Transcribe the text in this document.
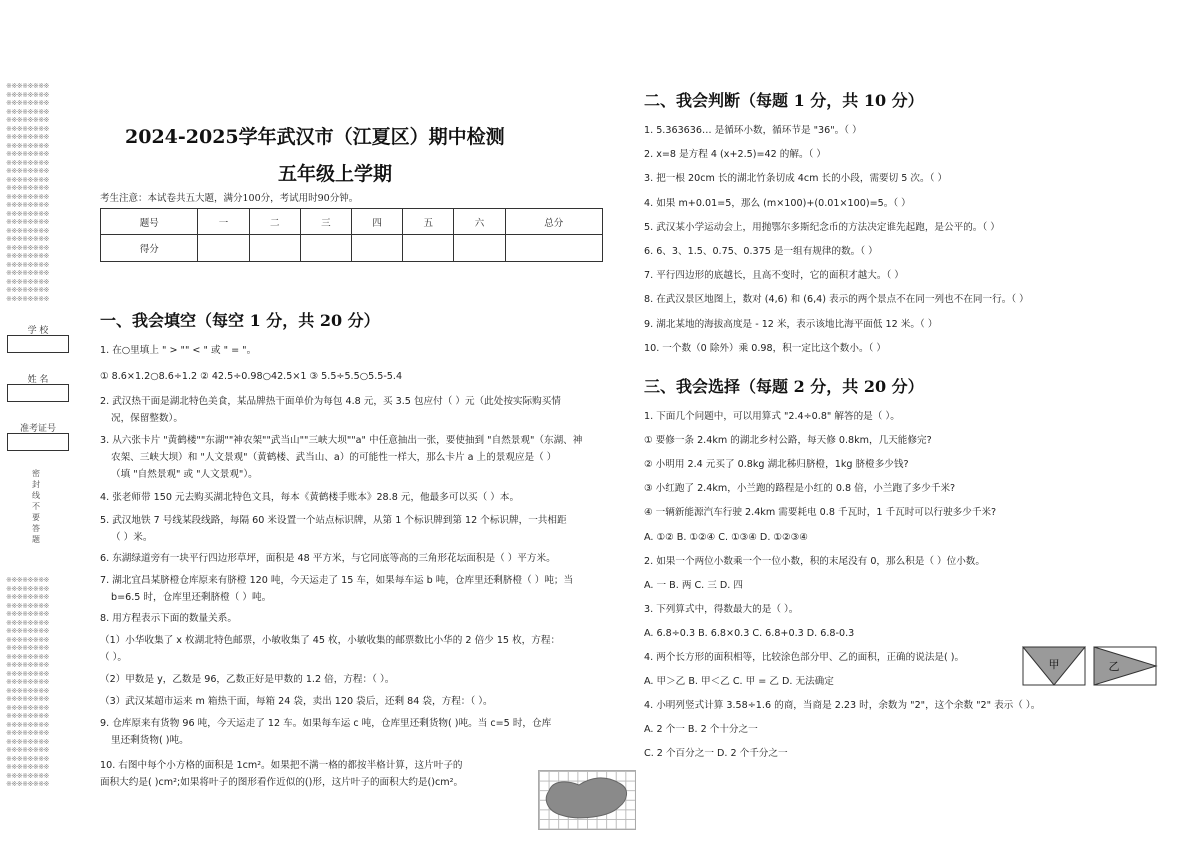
※※※※※※※※
※※※※※※※※
※※※※※※※※
※※※※※※※※
※※※※※※※※
※※※※※※※※
※※※※※※※※
※※※※※※※※
※※※※※※※※
※※※※※※※※
※※※※※※※※
※※※※※※※※
※※※※※※※※
※※※※※※※※
※※※※※※※※
※※※※※※※※
※※※※※※※※
※※※※※※※※
※※※※※※※※
※※※※※※※※
※※※※※※※※
※※※※※※※※
※※※※※※※※
※※※※※※※※
※※※※※※※※
※※※※※※※※
学 校
姓 名
准考证号
密
封
线
不
要
答
题
※※※※※※※※
※※※※※※※※
※※※※※※※※
※※※※※※※※
※※※※※※※※
※※※※※※※※
※※※※※※※※
※※※※※※※※
※※※※※※※※
※※※※※※※※
※※※※※※※※
※※※※※※※※
※※※※※※※※
※※※※※※※※
※※※※※※※※
※※※※※※※※
※※※※※※※※
※※※※※※※※
※※※※※※※※
※※※※※※※※
※※※※※※※※
※※※※※※※※
※※※※※※※※
※※※※※※※※
※※※※※※※※
2024-2025学年武汉市（江夏区）期中检测
五年级上学期
考生注意：本试卷共五大题，满分100分，考试用时90分钟。
题号	一	二	三	四	五	六	总分
得分							
一、我会填空（每空 1 分，共 20 分）
1. 在○里填上 " > "" < " 或 " = "。
① 8.6×1.2○8.6÷1.2 ② 42.5÷0.98○42.5×1 ③ 5.5÷5.5○5.5-5.4
2. 武汉热干面是湖北特色美食，某品牌热干面单价为每包 4.8 元，买 3.5 包应付（ ）元（此处按实际购买情
况，保留整数）。
3. 从六张卡片 "黄鹤楼""东湖""神农架""武当山""三峡大坝""a" 中任意抽出一张，要使抽到 "自然景观"（东湖、神
农架、三峡大坝）和 "人文景观"（黄鹤楼、武当山、a）的可能性一样大，那么卡片 a 上的景观应是（ ）
（填 "自然景观" 或 "人文景观"）。
4. 张老师带 150 元去购买湖北特色文具，每本《黄鹤楼手账本》28.8 元，他最多可以买（ ）本。
5. 武汉地铁 7 号线某段线路，每隔 60 米设置一个站点标识牌，从第 1 个标识牌到第 12 个标识牌，一共相距
（ ）米。
6. 东湖绿道旁有一块平行四边形草坪，面积是 48 平方米，与它同底等高的三角形花坛面积是（ ）平方米。
7. 湖北宜昌某脐橙仓库原来有脐橙 120 吨，今天运走了 15 车，如果每车运 b 吨，仓库里还剩脐橙（ ）吨；当
b=6.5 时，仓库里还剩脐橙（ ）吨。
8. 用方程表示下面的数量关系。
（1）小华收集了 x 枚湖北特色邮票，小敏收集了 45 枚，小敏收集的邮票数比小华的 2 倍少 15 枚，方程：
（ ）。
（2）甲数是 y，乙数是 96，乙数正好是甲数的 1.2 倍，方程：（ ）。
（3）武汉某超市运来 m 箱热干面，每箱 24 袋，卖出 120 袋后，还剩 84 袋，方程：（ ）。
9. 仓库原来有货物 96 吨，今天运走了 12 车。如果每车运 c 吨，仓库里还剩货物( )吨。当 c=5 时，仓库
里还剩货物( )吨。
10. 右图中每个小方格的面积是 1cm²。如果把不满一格的都按半格计算，这片叶子的
面积大约是( )cm²;如果将叶子的图形看作近似的()形，这片叶子的面积大约是()cm²。
二、我会判断（每题 1 分，共 10 分）
1. 5.363636… 是循环小数，循环节是 "36"。（ ）
2. x=8 是方程 4 (x+2.5)=42 的解。（ ）
3. 把一根 20cm 长的湖北竹条切成 4cm 长的小段，需要切 5 次。（ ）
4. 如果 m+0.01=5，那么 (m×100)+(0.01×100)=5。（ ）
5. 武汉某小学运动会上，用抛鄂尔多斯纪念币的方法决定谁先起跑，是公平的。（ ）
6. 6、3、1.5、0.75、0.375 是一组有规律的数。（ ）
7. 平行四边形的底越长，且高不变时，它的面积才越大。（ ）
8. 在武汉景区地图上，数对 (4,6) 和 (6,4) 表示的两个景点不在同一列也不在同一行。（ ）
9. 湖北某地的海拔高度是 - 12 米，表示该地比海平面低 12 米。（ ）
10. 一个数（0 除外）乘 0.98，积一定比这个数小。（ ）
三、我会选择（每题 2 分，共 20 分）
1. 下面几个问题中，可以用算式 "2.4÷0.8" 解答的是（ ）。
① 要修一条 2.4km 的湖北乡村公路，每天修 0.8km，几天能修完?
② 小明用 2.4 元买了 0.8kg 湖北秭归脐橙，1kg 脐橙多少钱?
③ 小红跑了 2.4km，小兰跑的路程是小红的 0.8 倍，小兰跑了多少千米?
④ 一辆新能源汽车行驶 2.4km 需要耗电 0.8 千瓦时，1 千瓦时可以行驶多少千米?
A. ①② B. ①②④ C. ①③④ D. ①②③④
2. 如果一个两位小数乘一个一位小数，积的末尾没有 0，那么积是（ ）位小数。
A. 一 B. 两 C. 三 D. 四
3. 下列算式中，得数最大的是（ ）。
A. 6.8÷0.3 B. 6.8×0.3 C. 6.8+0.3 D. 6.8-0.3
4. 两个长方形的面积相等，比较涂色部分甲、乙的面积，正确的说法是( )。
A. 甲＞乙 B. 甲＜乙 C. 甲 = 乙 D. 无法确定
4. 小明列竖式计算 3.58÷1.6 的商，当商是 2.23 时，余数为 "2"，这个余数 "2" 表示（ ）。
A. 2 个一 B. 2 个十分之一
C. 2 个百分之一 D. 2 个千分之一
甲	乙
